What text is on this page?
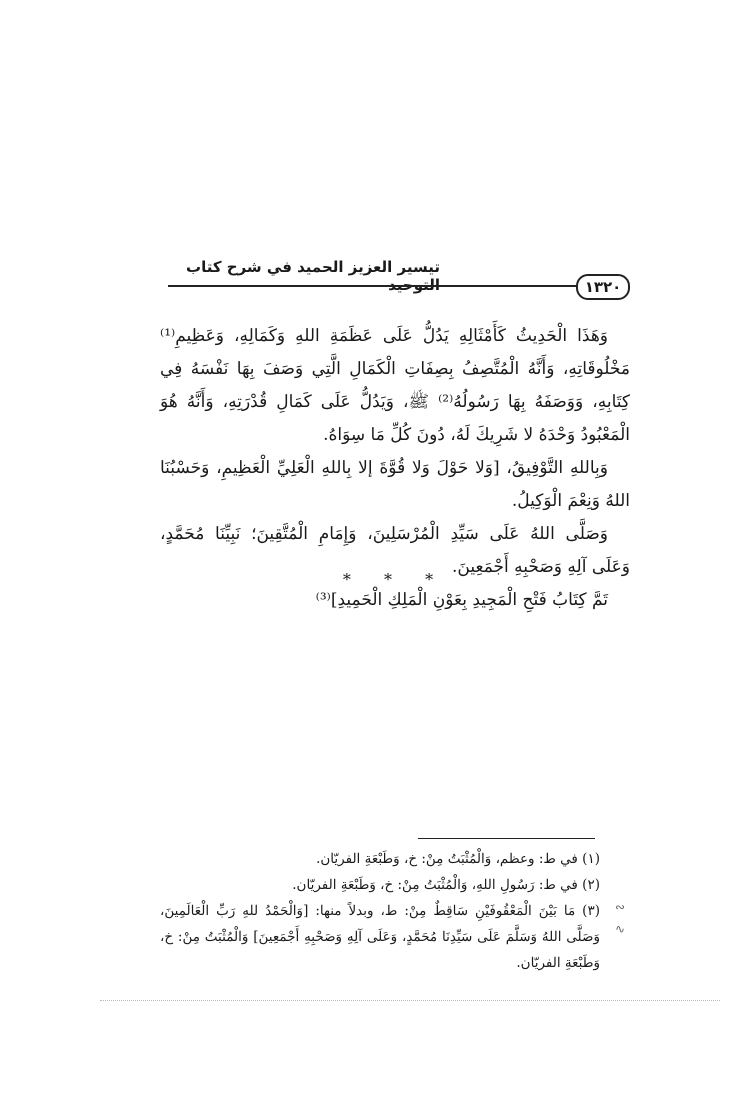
تيسير العزيز الحميد في شرح كتاب التوحيد	١٣٢٠

وَهَذَا الْحَدِيثُ كَأَمْثَالِهِ يَدُلُّ عَلَى عَظَمَةِ اللهِ وَكَمَالِهِ، وَعَظِيمِ⁽¹⁾ مَخْلُوقَاتِهِ، وَأَنَّهُ الْمُتَّصِفُ بِصِفَاتِ الْكَمَالِ الَّتِي وَصَفَ بِهَا نَفْسَهُ فِي كِتَابِهِ، وَوَصَفَهُ بِهَا رَسُولُهُ⁽²⁾ ﷺ، وَيَدُلُّ عَلَى كَمَالِ قُدْرَتِهِ، وَأَنَّهُ هُوَ الْمَعْبُودُ وَحْدَهُ لا شَرِيكَ لَهُ، دُونَ كُلِّ مَا سِوَاهُ.

وَبِاللهِ التَّوْفِيقُ، [وَلا حَوْلَ وَلا قُوَّةَ إلا بِاللهِ الْعَلِيِّ الْعَظِيمِ، وَحَسْبُنَا اللهُ وَنِعْمَ الْوَكِيلُ.

وَصَلَّى اللهُ عَلَى سَيِّدِ الْمُرْسَلِينَ، وَإِمَامِ الْمُتَّقِينَ؛ نَبِيِّنَا مُحَمَّدٍ، وَعَلَى آلِهِ وَصَحْبِهِ أَجْمَعِينَ.

تَمَّ كِتَابُ فَتْحِ الْمَجِيدِ بِعَوْنِ الْمَلِكِ الْحَمِيدِ]⁽³⁾

* * *

(١) في ط: وعظم، وَالْمُثْبَتُ مِنْ: خ، وَطَبْعَةِ الفريّان.

(٢) في ط: رَسُولِ اللهِ، وَالْمُثْبَتُ مِنْ: خ، وَطَبْعَةِ الفريّان.

(٣) مَا بَيْنَ الْمَعْقُوفَيْنِ سَاقِطٌ مِنْ: ط، وبدلاً منها: [وَالْحَمْدُ للهِ رَبِّ الْعَالَمِينَ، وَصَلَّى اللهُ وَسَلَّمَ عَلَى سَيِّدِنَا مُحَمَّدٍ، وَعَلَى آلِهِ وَصَحْبِهِ أَجْمَعِينَ] وَالْمُثْبَتُ مِنْ: خ، وَطَبْعَةِ الفريّان.

∾
∿
